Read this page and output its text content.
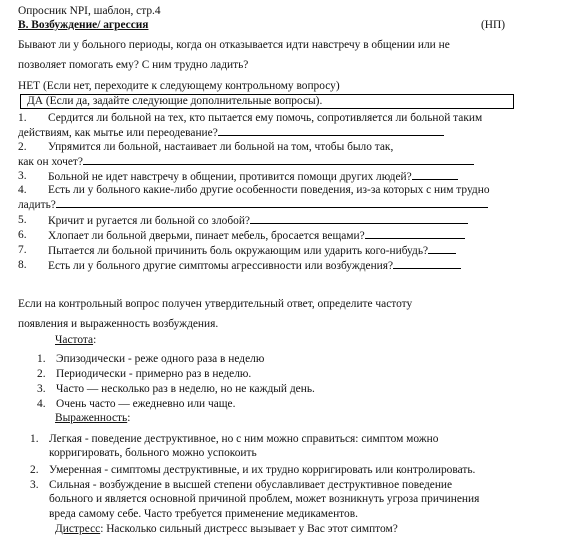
Опросник NPI, шаблон, стр.4
B. Возбуждение/ агрессия	(НП)
Бывают ли у больного периоды, когда он отказывается идти навстречу в общении или не
позволяет помогать ему? С ним трудно ладить?
НЕТ (Если нет, переходите к следующему контрольному вопросу)
ДА (Если да, задайте следующие дополнительные вопросы).
1. Сердится ли больной на тех, кто пытается ему помочь, сопротивляется ли больной таким
действиям, как мытье или переодевание?
2. Упрямится ли больной, настаивает ли больной на том, чтобы было так,
как он хочет?
3. Больной не идет навстречу в общении, противится помощи других людей?
4. Есть ли у больного какие-либо другие особенности поведения, из-за которых с ним трудно
ладить?
5. Кричит и ругается ли больной со злобой?
6. Хлопает ли больной дверьми, пинает мебель, бросается вещами?
7. Пытается ли больной причинить боль окружающим или ударить кого-нибудь?
8. Есть ли у больного другие симптомы агрессивности или возбуждения?
Если на контрольный вопрос получен утвердительный ответ, определите частоту
появления и выраженность возбуждения.
Частота:
1. Эпизодически - реже одного раза в неделю
2. Периодически - примерно раз в неделю.
3. Часто — несколько раз в неделю, но не каждый день.
4. Очень часто — ежедневно или чаще.
Выраженность:
1. Легкая - поведение деструктивное, но с ним можно справиться: симптом можно
корригировать, больного можно успокоить
2. Умеренная - симптомы деструктивные, и их трудно корригировать или контролировать.
3. Сильная - возбуждение в высшей степени обуславливает деструктивное поведение
больного и является основной причиной проблем, может возникнуть угроза причинения
вреда самому себе. Часто требуется применение медикаментов.
Дистресс: Насколько сильный дистресс вызывает у Вас этот симптом?
